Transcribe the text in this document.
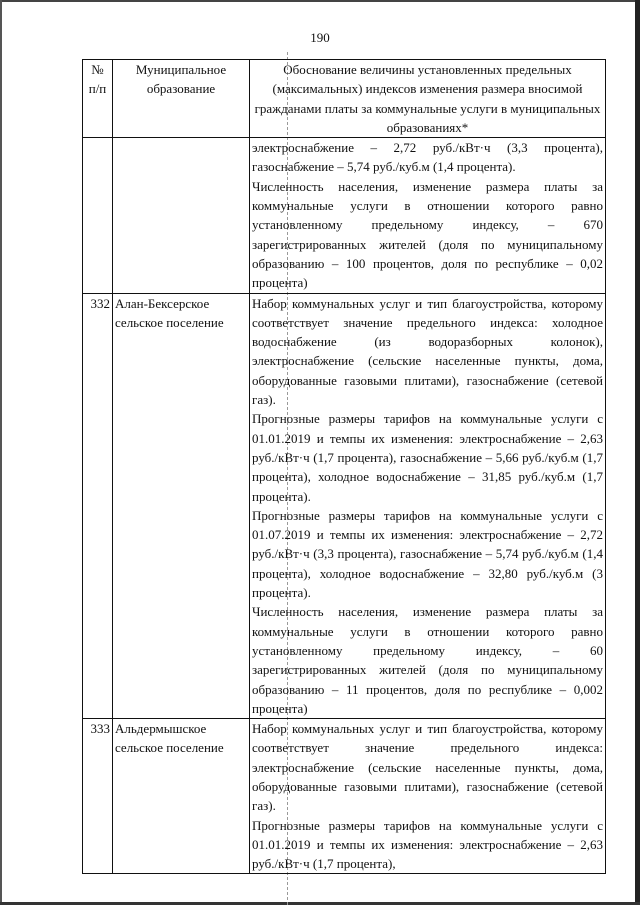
190
№ п/п	Муниципальное образование	Обоснование величины установленных предельных (максимальных) индексов изменения размера вносимой гражданами платы за коммунальные услуги в муниципальных образованиях*

		электроснабжение – 2,72 руб./кВт·ч (3,3 процента), газоснабжение – 5,74 руб./куб.м (1,4 процента).
Численность населения, изменение размера платы за коммунальные услуги в отношении которого равно установленному предельному индексу, – 670 зарегистрированных жителей (доля по муниципальному образованию – 100 процентов, доля по республике – 0,02 процента)

332	Алан-Бексерское сельское поселение	Набор коммунальных услуг и тип благоустройства, которому соответствует значение предельного индекса: холодное водоснабжение (из водоразборных колонок), электроснабжение (сельские населенные пункты, дома, оборудованные газовыми плитами), газоснабжение (сетевой газ).
Прогнозные размеры тарифов на коммунальные услуги с 01.01.2019 и темпы их изменения: электроснабжение – 2,63 руб./кВт·ч (1,7 процента), газоснабжение – 5,66 руб./куб.м (1,7 процента), холодное водоснабжение – 31,85 руб./куб.м (1,7 процента).
Прогнозные размеры тарифов на коммунальные услуги с 01.07.2019 и темпы их изменения: электроснабжение – 2,72 руб./кВт·ч (3,3 процента), газоснабжение – 5,74 руб./куб.м (1,4 процента), холодное водоснабжение – 32,80 руб./куб.м (3 процента).
Численность населения, изменение размера платы за коммунальные услуги в отношении которого равно установленному предельному индексу, – 60 зарегистрированных жителей (доля по муниципальному образованию – 11 процентов, доля по республике – 0,002 процента)

333	Альдермышское сельское поселение	Набор коммунальных услуг и тип благоустройства, которому соответствует значение предельного индекса: электроснабжение (сельские населенные пункты, дома, оборудованные газовыми плитами), газоснабжение (сетевой газ).
Прогнозные размеры тарифов на коммунальные услуги с 01.01.2019 и темпы их изменения: электроснабжение – 2,63 руб./кВт·ч (1,7 процента),
